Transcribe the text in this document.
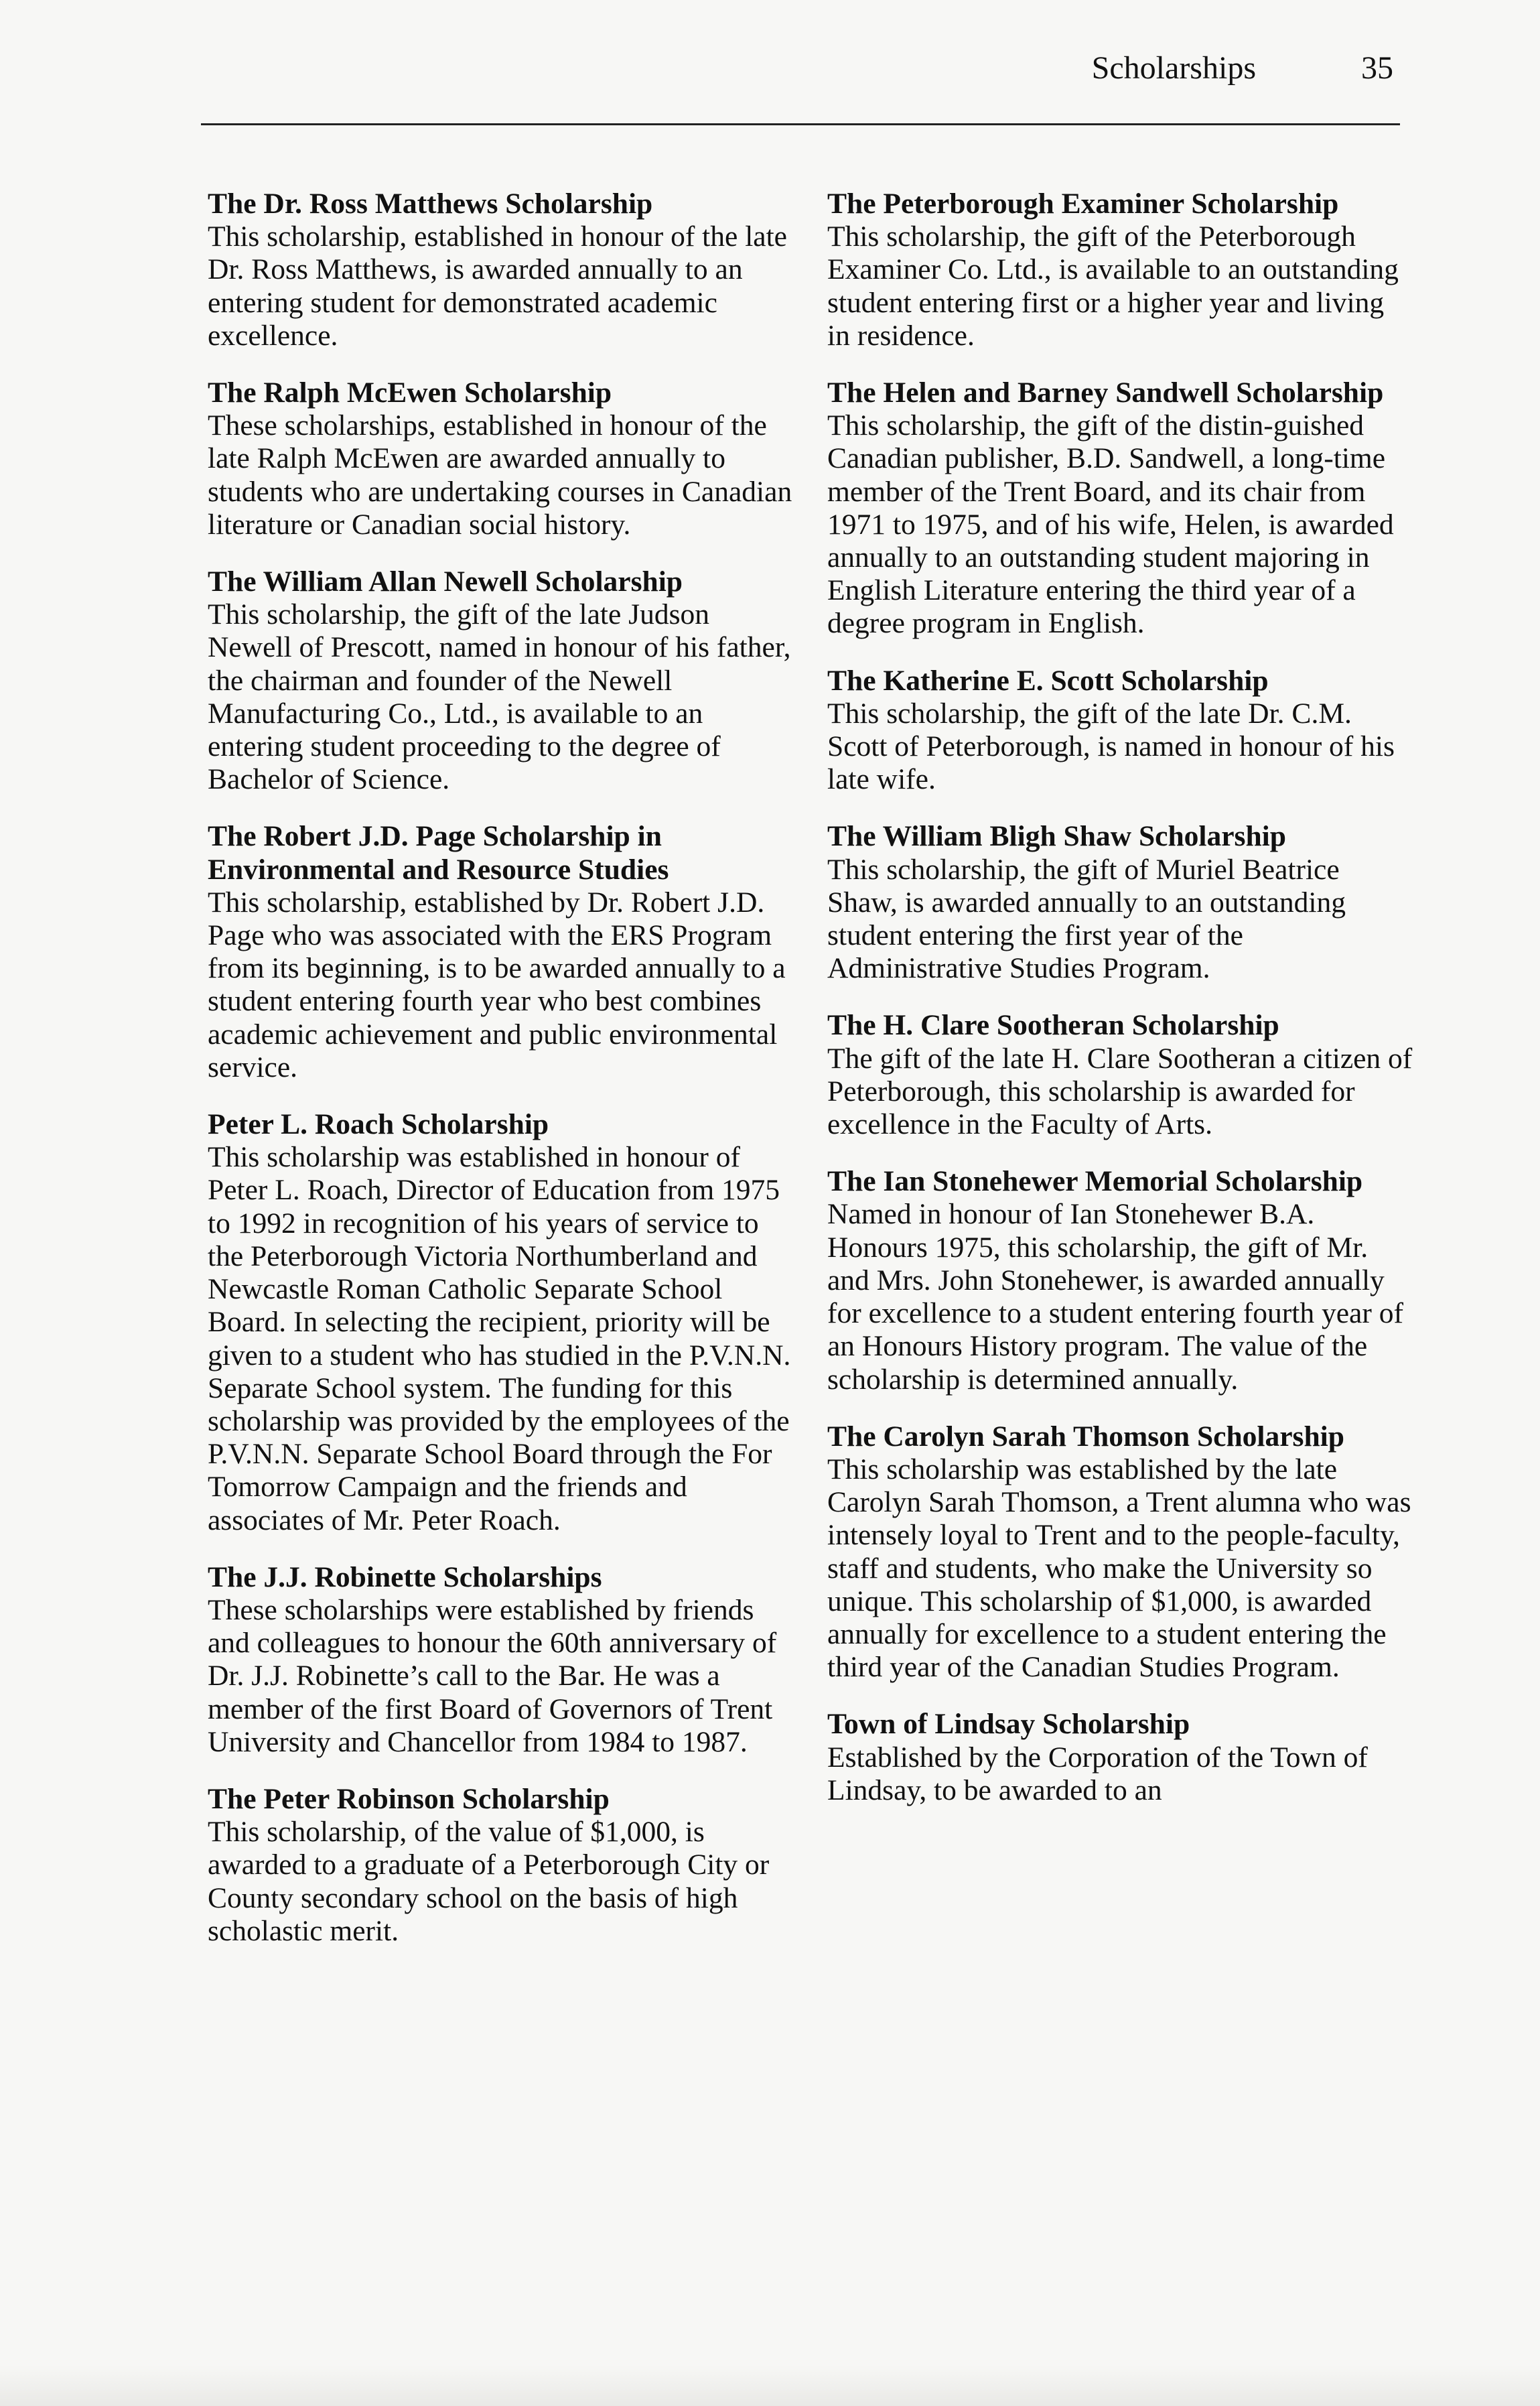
Scholarships	35
The Dr. Ross Matthews Scholarship

This scholarship, established in honour of the late Dr. Ross Matthews, is awarded annually to an entering student for demonstrated academic excellence.

The Ralph McEwen Scholarship

These scholarships, established in honour of the late Ralph McEwen are awarded annually to students who are undertaking courses in Canadian literature or Canadian social history.

The William Allan Newell Scholarship

This scholarship, the gift of the late Judson Newell of Prescott, named in honour of his father, the chairman and founder of the Newell Manufacturing Co., Ltd., is available to an entering student proceeding to the degree of Bachelor of Science.

The Robert J.D. Page Scholarship in Environmental and Resource Studies

This scholarship, established by Dr. Robert J.D. Page who was associated with the ERS Program from its beginning, is to be awarded annually to a student entering fourth year who best combines academic achievement and public environmental service.

Peter L. Roach Scholarship

This scholarship was established in honour of Peter L. Roach, Director of Education from 1975 to 1992 in recognition of his years of service to the Peterborough Victoria Northumberland and Newcastle Roman Catholic Separate School Board. In selecting the recipient, priority will be given to a student who has studied in the P.V.N.N. Separate School system. The funding for this scholarship was provided by the employees of the P.V.N.N. Separate School Board through the For Tomorrow Campaign and the friends and associates of Mr. Peter Roach.

The J.J. Robinette Scholarships

These scholarships were established by friends and colleagues to honour the 60th anniversary of Dr. J.J. Robinette’s call to the Bar. He was a member of the first Board of Governors of Trent University and Chancellor from 1984 to 1987.

The Peter Robinson Scholarship

This scholarship, of the value of $1,000, is awarded to a graduate of a Peterborough City or County secondary school on the basis of high scholastic merit.

The Peterborough Examiner Scholarship

This scholarship, the gift of the Peterborough Examiner Co. Ltd., is available to an outstanding student entering first or a higher year and living in residence.

The Helen and Barney Sandwell Scholarship

This scholarship, the gift of the distin-guished Canadian publisher, B.D. Sandwell, a long-time member of the Trent Board, and its chair from 1971 to 1975, and of his wife, Helen, is awarded annually to an outstanding student majoring in English Literature entering the third year of a degree program in English.

The Katherine E. Scott Scholarship

This scholarship, the gift of the late Dr. C.M. Scott of Peterborough, is named in honour of his late wife.

The William Bligh Shaw Scholarship

This scholarship, the gift of Muriel Beatrice Shaw, is awarded annually to an outstanding student entering the first year of the Administrative Studies Program.

The H. Clare Sootheran Scholarship

The gift of the late H. Clare Sootheran a citizen of Peterborough, this scholarship is awarded for excellence in the Faculty of Arts.

The Ian Stonehewer Memorial Scholarship

Named in honour of Ian Stonehewer B.A. Honours 1975, this scholarship, the gift of Mr. and Mrs. John Stonehewer, is awarded annually for excellence to a student entering fourth year of an Honours History program. The value of the scholarship is determined annually.

The Carolyn Sarah Thomson Scholarship

This scholarship was established by the late Carolyn Sarah Thomson, a Trent alumna who was intensely loyal to Trent and to the people-faculty, staff and students, who make the University so unique. This scholarship of $1,000, is awarded annually for excellence to a student entering the third year of the Canadian Studies Program.

Town of Lindsay Scholarship

Established by the Corporation of the Town of Lindsay, to be awarded to an
